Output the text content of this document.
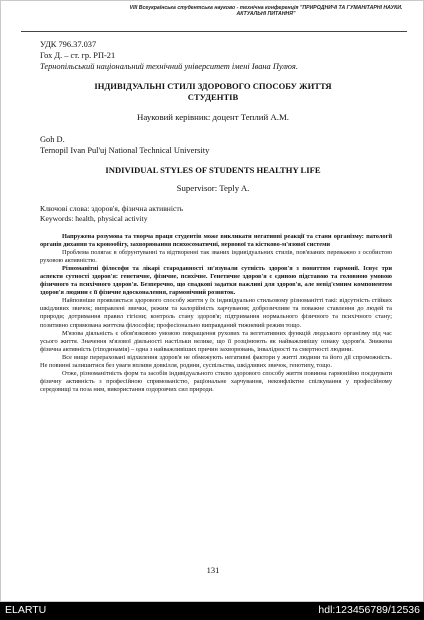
VIII Всеукраїнська студентська науково - технічна конференція "ПРИРОДНИЧІ ТА ГУМАНІТАРНІ НАУКИ.
АКТУАЛЬНІ ПИТАННЯ"
УДК 796.37.037
Гох Д. – ст. гр. РП-21
Тернопільський національний технічний університет імені Івана Пулюя.
ІНДИВІДУАЛЬНІ СТИЛІ ЗДОРОВОГО СПОСОБУ ЖИТТЯ
СТУДЕНТІВ
Науковий керівник: доцент Теплий А.М.
Goh D.
Ternopil Ivan Pul'uj National Technical University
INDIVIDUAL STYLES OF STUDENTS HEALTHY LIFE
Supervisor: Teply A.
Ключові слова: здоров'я, фізична активність
Keywords: health, physical activity

Напружена розумова та творча праця студентів може викликати негативні реакції та стани організму: патології органів дихання та кровообігу, захворювання психосоматичні, нервової та кістково-м'язової системи

Проблема полягає в обґрунтуванні та відтворенні так званих індивідуальних стилів, пов'язаних переважно з особистою руховою активністю.

Різноманітні філософи та лікарі стародавності зв'язували сутність здоров'я з поняттям гармонії. Існує три аспекти сутності здоров'я: генетичне, фізичне, психічне. Генетичне здоров'я є єдиною підставою та головною умовою фізичного та психічного здоров'я. Безперечно, що спадкові задатки важливі для здоров'я, але невід'ємним компонентом здоров'я людини є її фізичне вдосконалення, гармонічний розвиток.

Найповніше проявляється здорового способу життя у їх індивідуально стильовому різноманітті такі: відсутність стійких шкідливих звичок; виправлені звички, режим та калорійність харчування; доброзичливе та поважне ставлення до людей та природи; дотримання правил гігієни; контроль стану здоров'я; підтримання нормального фізичного та психічного стану; позитивно спрямована життєва філософія; професіонально виправданий тижневий режим тощо.

М'язова діяльність є обов'язковою умовою покращення рухових та вегетативних функцій людського організму під час усього життя. Значення м'язової діяльності настільки велике, що її розцінюють як найважливішу ознаку здоров'я. Знижена фізична активність (гіподинамія) – одна з найважливіших причин захворювань, інвалідності та смертності людини.

Все вище перераховані відхилення здоров'я не обмежують негативні фактори у житті людини та його дії спроможність. Не повинні залишитися без уваги впливи довкілля, родини, суспільства, шкідливих звичок, генотипу, тощо.

Отже, різноманітність форм та засобів індивідуального стилю здорового способу життя повинна гармонійно поєднувати фізичну активність з професійною спрямованістю, раціональне харчування, неконфліктне спілкування у професійному середовищі та поза ним, використання оздоровчих сил природи.

131
ELARTU	hdl:123456789/12536
